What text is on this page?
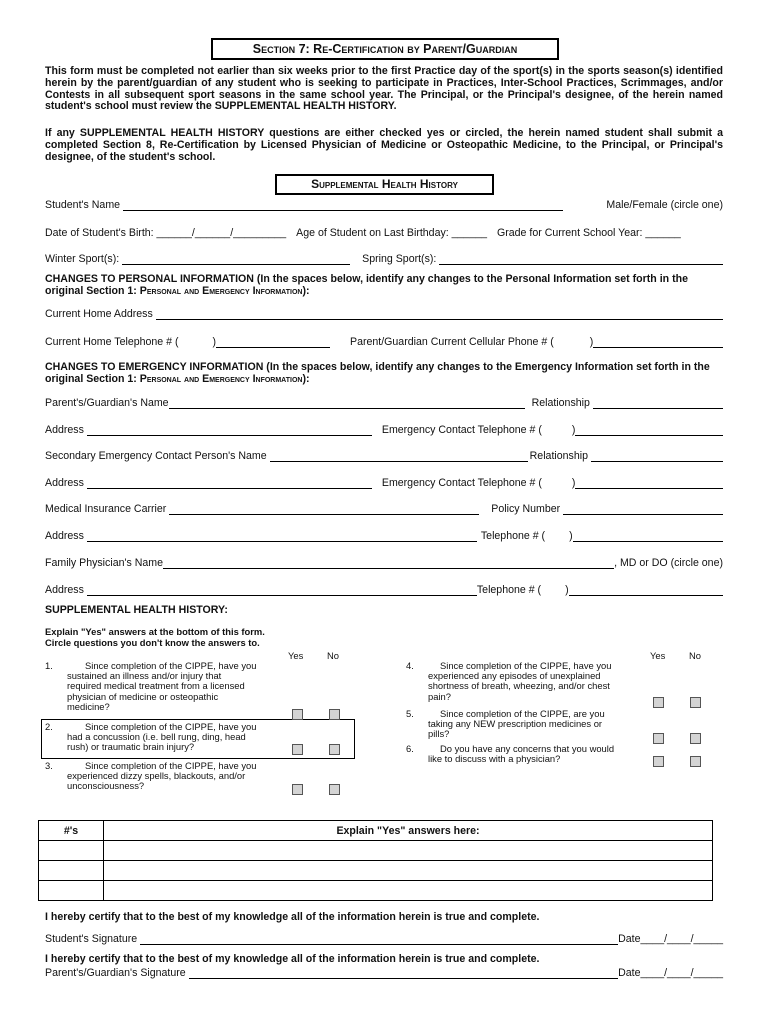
Section 7: Re-Certification by Parent/Guardian
This form must be completed not earlier than six weeks prior to the first Practice day of the sport(s) in the sports season(s) identified herein by the parent/guardian of any student who is seeking to participate in Practices, Inter-School Practices, Scrimmages, and/or Contests in all subsequent sport seasons in the same school year. The Principal, or the Principal's designee, of the herein named student's school must review the SUPPLEMENTAL HEALTH HISTORY.
If any SUPPLEMENTAL HEALTH HISTORY questions are either checked yes or circled, the herein named student shall submit a completed Section 8, Re-Certification by Licensed Physician of Medicine or Osteopathic Medicine, to the Principal, or Principal's designee, of the student's school.
Supplemental Health History
Student's Name	Male/Female (circle one)
Date of Student's Birth: ______/______/_________ Age of Student on Last Birthday: ______ Grade for Current School Year: ______
Winter Sport(s):	Spring Sport(s):
CHANGES TO PERSONAL INFORMATION (In the spaces below, identify any changes to the Personal Information set forth in the original Section 1: Personal and Emergency Information):
Current Home Address
Current Home Telephone # (	)	Parent/Guardian Current Cellular Phone # (	)
CHANGES TO EMERGENCY INFORMATION (In the spaces below, identify any changes to the Emergency Information set forth in the original Section 1: Personal and Emergency Information):
Parent's/Guardian's Name	Relationship
Address	Emergency Contact Telephone # (	)
Secondary Emergency Contact Person's Name	Relationship
Address	Emergency Contact Telephone # (	)
Medical Insurance Carrier	Policy Number
Address	Telephone # ( )
Family Physician's Name	, MD or DO (circle one)
Address	Telephone # ( )
SUPPLEMENTAL HEALTH HISTORY:
Explain "Yes" answers at the bottom of this form.
Circle questions you don't know the answers to.
Yes	No	Yes	No
1.	Since completion of the CIPPE, have you
sustained an illness and/or injury that
required medical treatment from a licensed
physician of medicine or osteopathic
medicine?
2.	Since completion of the CIPPE, have you
had a concussion (i.e. bell rung, ding, head
rush) or traumatic brain injury?
3.	Since completion of the CIPPE, have you
experienced dizzy spells, blackouts, and/or
unconsciousness?
4.	Since completion of the CIPPE, have you
experienced any episodes of unexplained
shortness of breath, wheezing, and/or chest
pain?
5.	Since completion of the CIPPE, are you
taking any NEW prescription medicines or
pills?
6.	Do you have any concerns that you would
like to discuss with a physician?
#'s	Explain "Yes" answers here:

I hereby certify that to the best of my knowledge all of the information herein is true and complete.
Student's Signature	Date ____/____/_____
I hereby certify that to the best of my knowledge all of the information herein is true and complete.
Parent's/Guardian's Signature	Date ____/____/_____
